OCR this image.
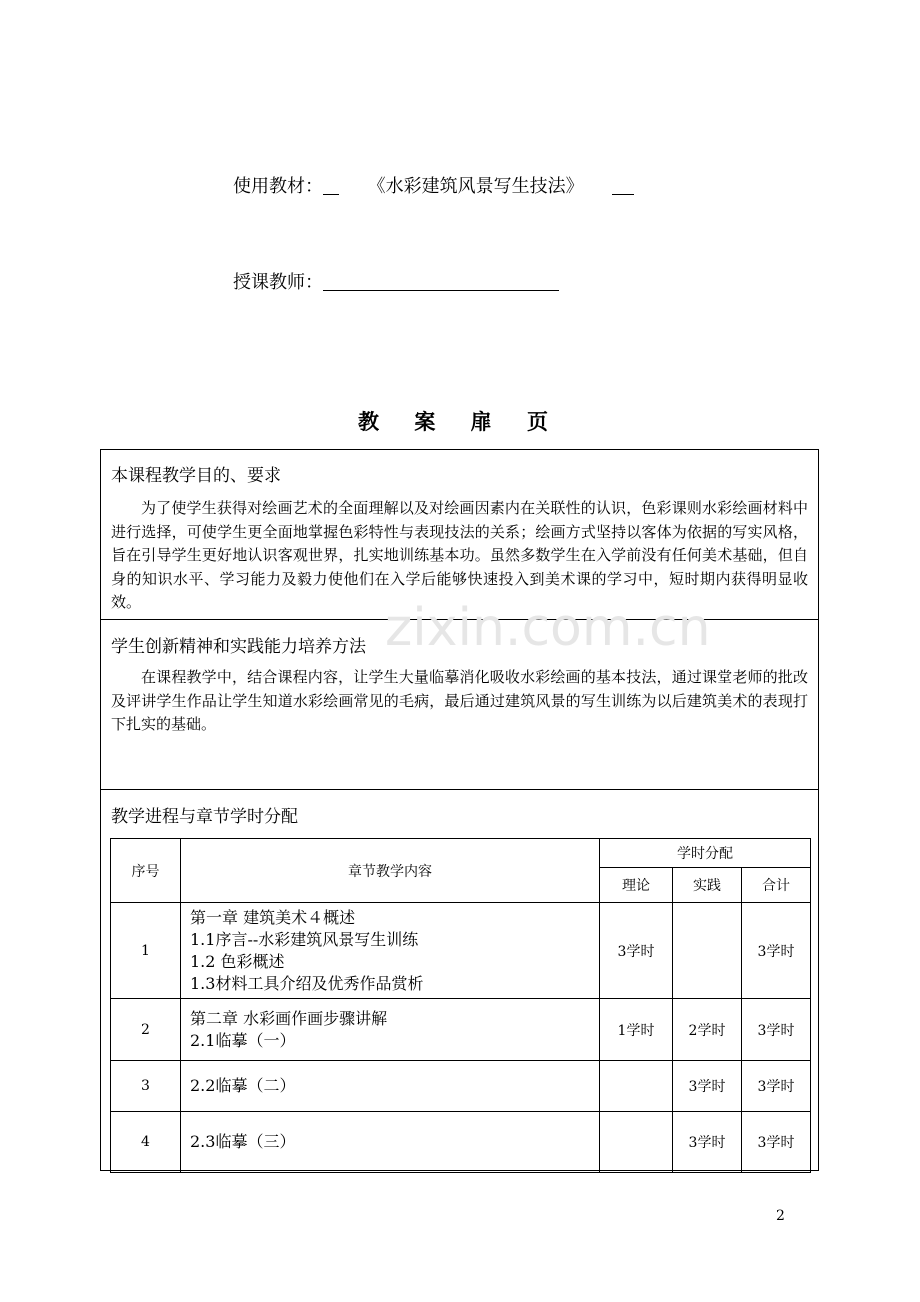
使用教材： 《水彩建筑风景写生技法》
授课教师：
教 案 扉 页
本课程教学目的、要求
为了使学生获得对绘画艺术的全面理解以及对绘画因素内在关联性的认识，色彩课则水彩绘画材料中进行选择，可使学生更全面地掌握色彩特性与表现技法的关系；绘画方式坚持以客体为依据的写实风格，旨在引导学生更好地认识客观世界，扎实地训练基本功。虽然多数学生在入学前没有任何美术基础，但自身的知识水平、学习能力及毅力使他们在入学后能够快速投入到美术课的学习中，短时期内获得明显收效。
学生创新精神和实践能力培养方法
在课程教学中，结合课程内容，让学生大量临摹消化吸收水彩绘画的基本技法，通过课堂老师的批改及评讲学生作品让学生知道水彩绘画常见的毛病，最后通过建筑风景的写生训练为以后建筑美术的表现打下扎实的基础。
教学进程与章节学时分配
序号	章节教学内容	学时分配		
		理论	实践	合计
1	第一章 建筑美术４概述
1.1序言--水彩建筑风景写生训练
1.2 色彩概述
1.3材料工具介绍及优秀作品赏析	3学时		3学时
2	第二章 水彩画作画步骤讲解
2.1临摹（一）	1学时	2学时	3学时
3	2.2临摹（二）		3学时	3学时
4	2.3临摹（三）		3学时	3学时
zixin.com.cn
2
